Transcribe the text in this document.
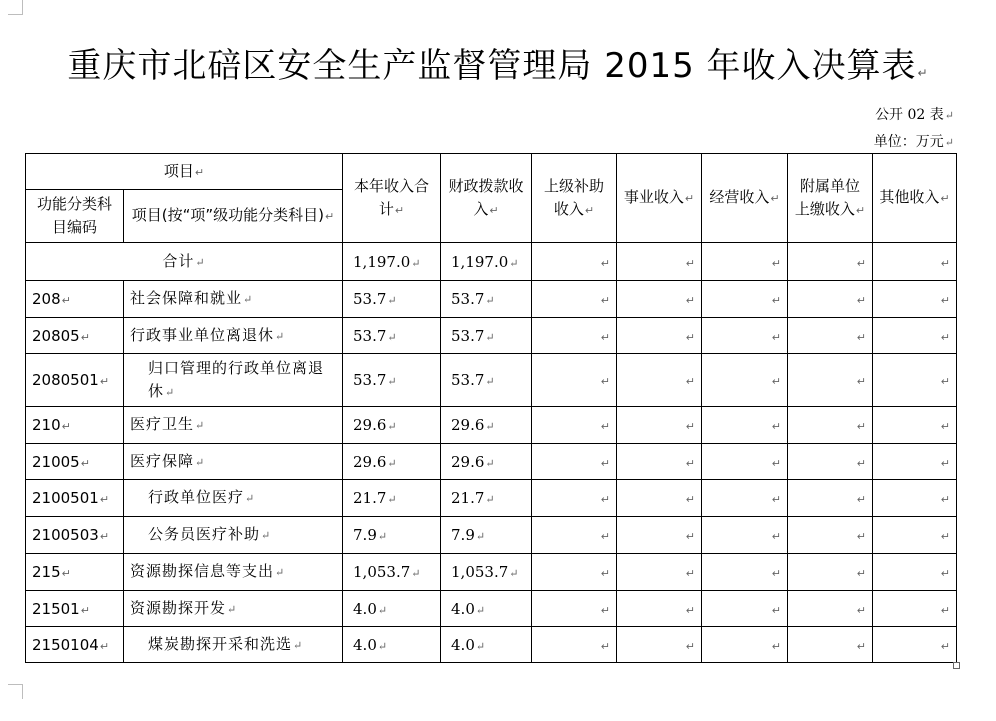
重庆市北碚区安全生产监督管理局 2015 年收入决算表↵
公开 02 表↵
单位：万元↵
项目↵		本年收入合计↵	财政拨款收入↵	上级补助收入↵	事业收入↵	经营收入↵	附属单位上缴收入↵	其他收入↵
功能分类科目编码	项目(按“项”级功能分类科目)↵							
合计↵		1,197.0↵	1,197.0↵	↵	↵	↵	↵	↵
208↵	社会保障和就业↵	53.7↵	53.7↵	↵	↵	↵	↵	↵
20805↵	行政事业单位离退休↵	53.7↵	53.7↵	↵	↵	↵	↵	↵
2080501↵	归口管理的行政单位离退休↵	53.7↵	53.7↵	↵	↵	↵	↵	↵
210↵	医疗卫生↵	29.6↵	29.6↵	↵	↵	↵	↵	↵
21005↵	医疗保障↵	29.6↵	29.6↵	↵	↵	↵	↵	↵
2100501↵	行政单位医疗↵	21.7↵	21.7↵	↵	↵	↵	↵	↵
2100503↵	公务员医疗补助↵	7.9↵	7.9↵	↵	↵	↵	↵	↵
215↵	资源勘探信息等支出↵	1,053.7↵	1,053.7↵	↵	↵	↵	↵	↵
21501↵	资源勘探开发↵	4.0↵	4.0↵	↵	↵	↵	↵	↵
2150104↵	煤炭勘探开采和洗选↵	4.0↵	4.0↵	↵	↵	↵	↵	↵
